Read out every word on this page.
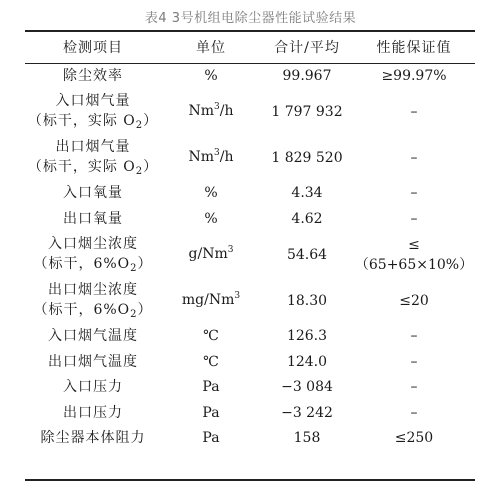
表4 3号机组电除尘器性能试验结果
检测项目	单位	合计/平均	性能保证值
除尘效率	%	99.967	≥99.97%

入口烟气量
（标干，实际 $O_2$）	Nm$^3$/h	1 797 932	–

出口烟气量
（标干，实际 $O_2$）	Nm$^3$/h	1 829 520	–
入口氧量	%	4.34	–
出口氧量	%	4.62	–

入口烟尘浓度
（标干，$6\%O_2$）	g/Nm$^3$	54.64	≤（65+65×10%）

出口烟尘浓度
（标干，$6\%O_2$）	mg/Nm$^3$	18.30	≤20
入口烟气温度	℃	126.3	–
出口烟气温度	℃	124.0	–
入口压力	Pa	−3 084	–
出口压力	Pa	−3 242	–
除尘器本体阻力	Pa	158	≤250
